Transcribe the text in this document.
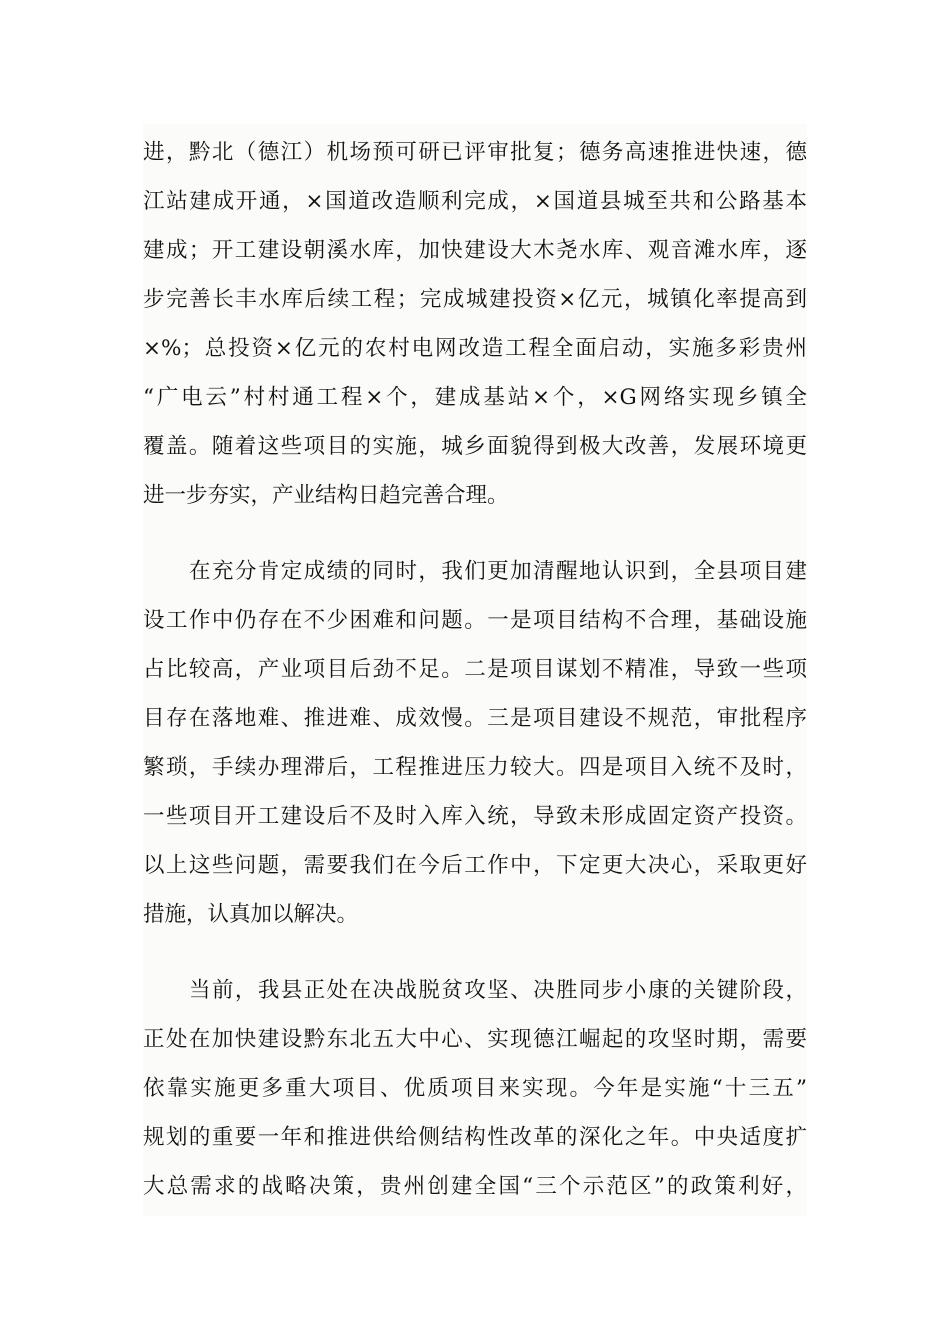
进，黔北（德江）机场预可研已评审批复；德务高速推进快速，德
江站建成开通，×国道改造顺利完成，×国道县城至共和公路基本
建成；开工建设朝溪水库，加快建设大木尧水库、观音滩水库，逐
步完善长丰水库后续工程；完成城建投资×亿元，城镇化率提高到
×%；总投资×亿元的农村电网改造工程全面启动，实施多彩贵州
“广电云”村村通工程×个，建成基站×个，×G网络实现乡镇全
覆盖。随着这些项目的实施，城乡面貌得到极大改善，发展环境更
进一步夯实，产业结构日趋完善合理。
在充分肯定成绩的同时，我们更加清醒地认识到，全县项目建
设工作中仍存在不少困难和问题。一是项目结构不合理，基础设施
占比较高，产业项目后劲不足。二是项目谋划不精准，导致一些项
目存在落地难、推进难、成效慢。三是项目建设不规范，审批程序
繁琐，手续办理滞后，工程推进压力较大。四是项目入统不及时，
一些项目开工建设后不及时入库入统，导致未形成固定资产投资。
以上这些问题，需要我们在今后工作中，下定更大决心，采取更好
措施，认真加以解决。
当前，我县正处在决战脱贫攻坚、决胜同步小康的关键阶段，
正处在加快建设黔东北五大中心、实现德江崛起的攻坚时期，需要
依靠实施更多重大项目、优质项目来实现。今年是实施“十三五”
规划的重要一年和推进供给侧结构性改革的深化之年。中央适度扩
大总需求的战略决策，贵州创建全国“三个示范区”的政策利好，
